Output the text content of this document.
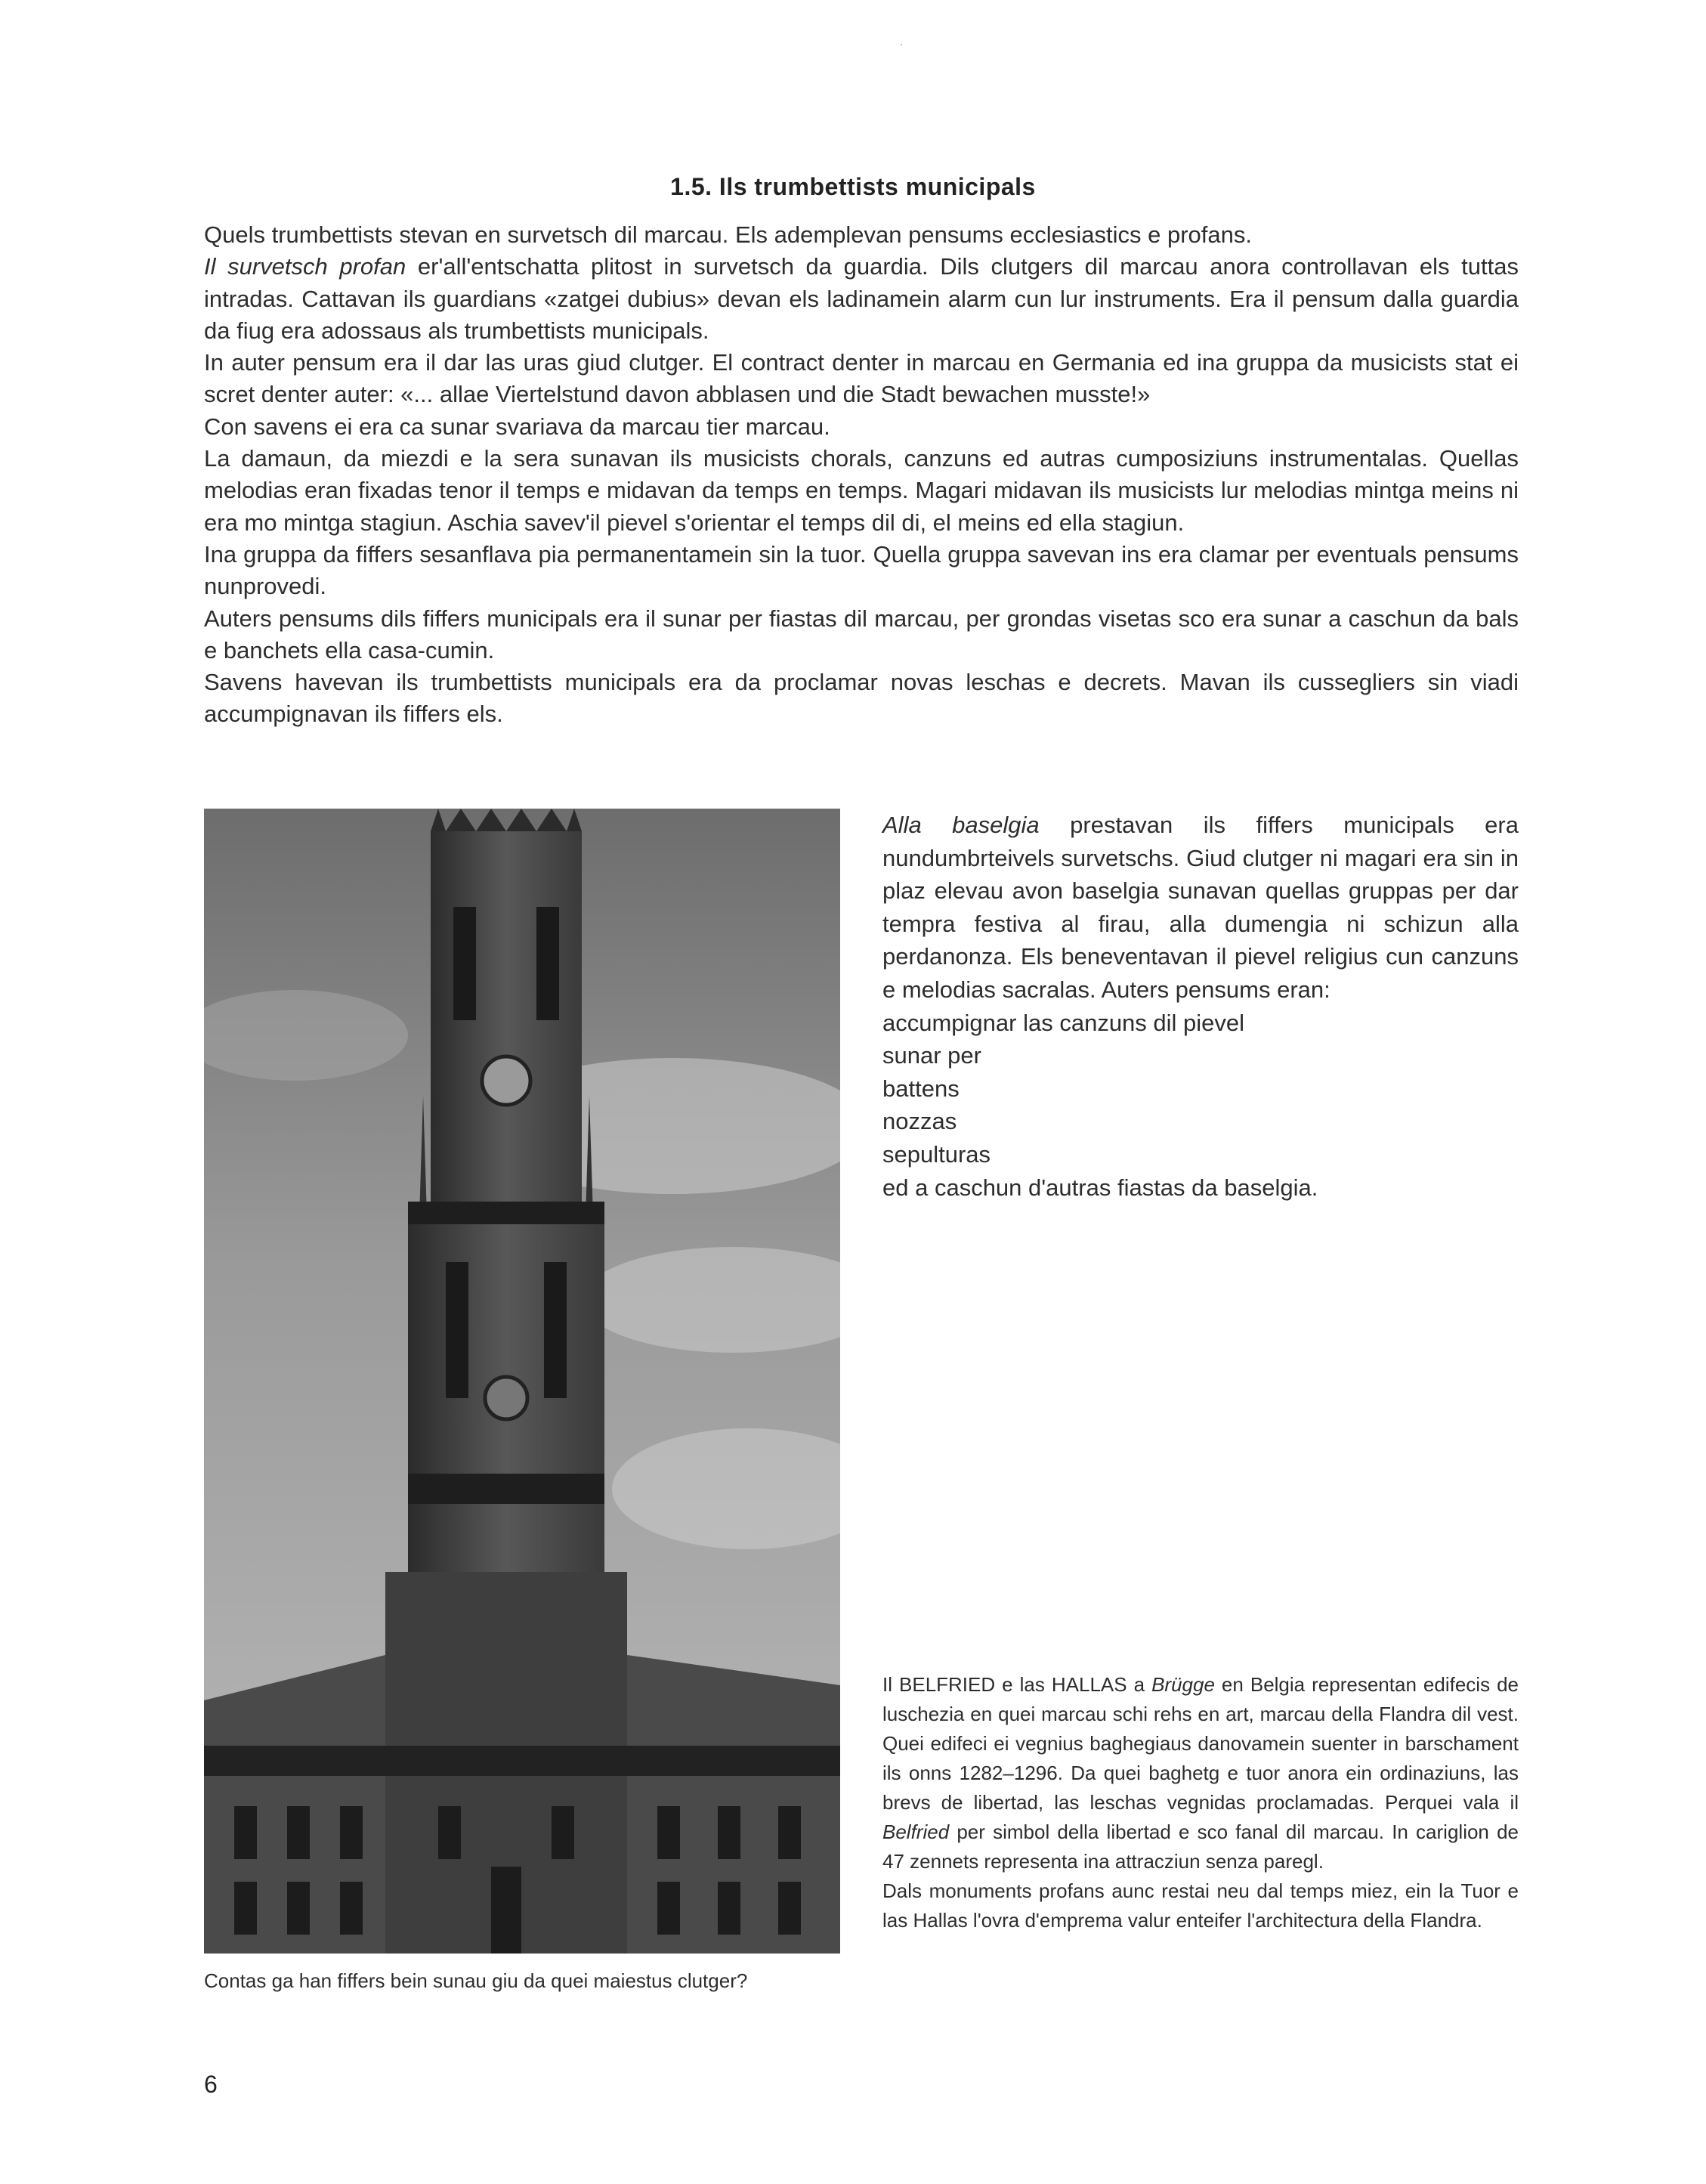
1.5. Ils trumbettists municipals

Quels trumbettists stevan en survetsch dil marcau. Els ademplevan pensums ecclesiastics e profans.

Il survetsch profan er'all'entschatta plitost in survetsch da guardia. Dils clutgers dil marcau anora controllavan els tuttas intradas. Cattavan ils guardians «zatgei dubius» devan els ladinamein alarm cun lur instruments. Era il pensum dalla guardia da fiug era adossaus als trumbettists municipals.

In auter pensum era il dar las uras giud clutger. El contract denter in marcau en Germania ed ina gruppa da musicists stat ei scret denter auter: «... allae Viertelstund davon abblasen und die Stadt bewachen musste!»

Con savens ei era ca sunar svariava da marcau tier marcau.

La damaun, da miezdi e la sera sunavan ils musicists chorals, canzuns ed autras cumposiziuns instrumentalas. Quellas melodias eran fixadas tenor il temps e midavan da temps en temps. Magari midavan ils musicists lur melodias mintga meins ni era mo mintga stagiun. Aschia savev'il pievel s'orientar el temps dil di, el meins ed ella stagiun.

Ina gruppa da fiffers sesanflava pia permanentamein sin la tuor. Quella gruppa savevan ins era clamar per eventuals pensums nunprovedi.

Auters pensums dils fiffers municipals era il sunar per fiastas dil marcau, per grondas visetas sco era sunar a caschun da bals e banchets ella casa-cumin.

Savens havevan ils trumbettists municipals era da proclamar novas leschas e decrets. Mavan ils cussegliers sin viadi accumpignavan ils fiffers els.

Alla baselgia prestavan ils fiffers municipals era nundumbrteivels survetschs. Giud clutger ni magari era sin in plaz elevau avon baselgia sunavan quellas gruppas per dar tempra festiva al firau, alla dumengia ni schizun alla perdanonza. Els beneventavan il pievel religius cun canzuns e melodias sacralas. Auters pensums eran:

accumpignar las canzuns dil pievel
sunar per
battens
nozzas
sepulturas
ed a caschun d'autras fiastas da baselgia.

Il BELFRIED e las HALLAS a Brügge en Belgia representan edifecis de luschezia en quei marcau schi rehs en art, marcau della Flandra dil vest. Quei edifeci ei vegnius baghegiaus danovamein suenter in barschament ils onns 1282–1296. Da quei baghetg e tuor anora ein ordinaziuns, las brevs de libertad, las leschas vegnidas proclamadas. Perquei vala il Belfried per simbol della libertad e sco fanal dil marcau. In cariglion de 47 zennets representa ina attracziun senza paregl.

Dals monuments profans aunc restai neu dal temps miez, ein la Tuor e las Hallas l'ovra d'emprema valur enteifer l'architectura della Flandra.

Contas ga han fiffers bein sunau giu da quei maiestus clutger?
6
